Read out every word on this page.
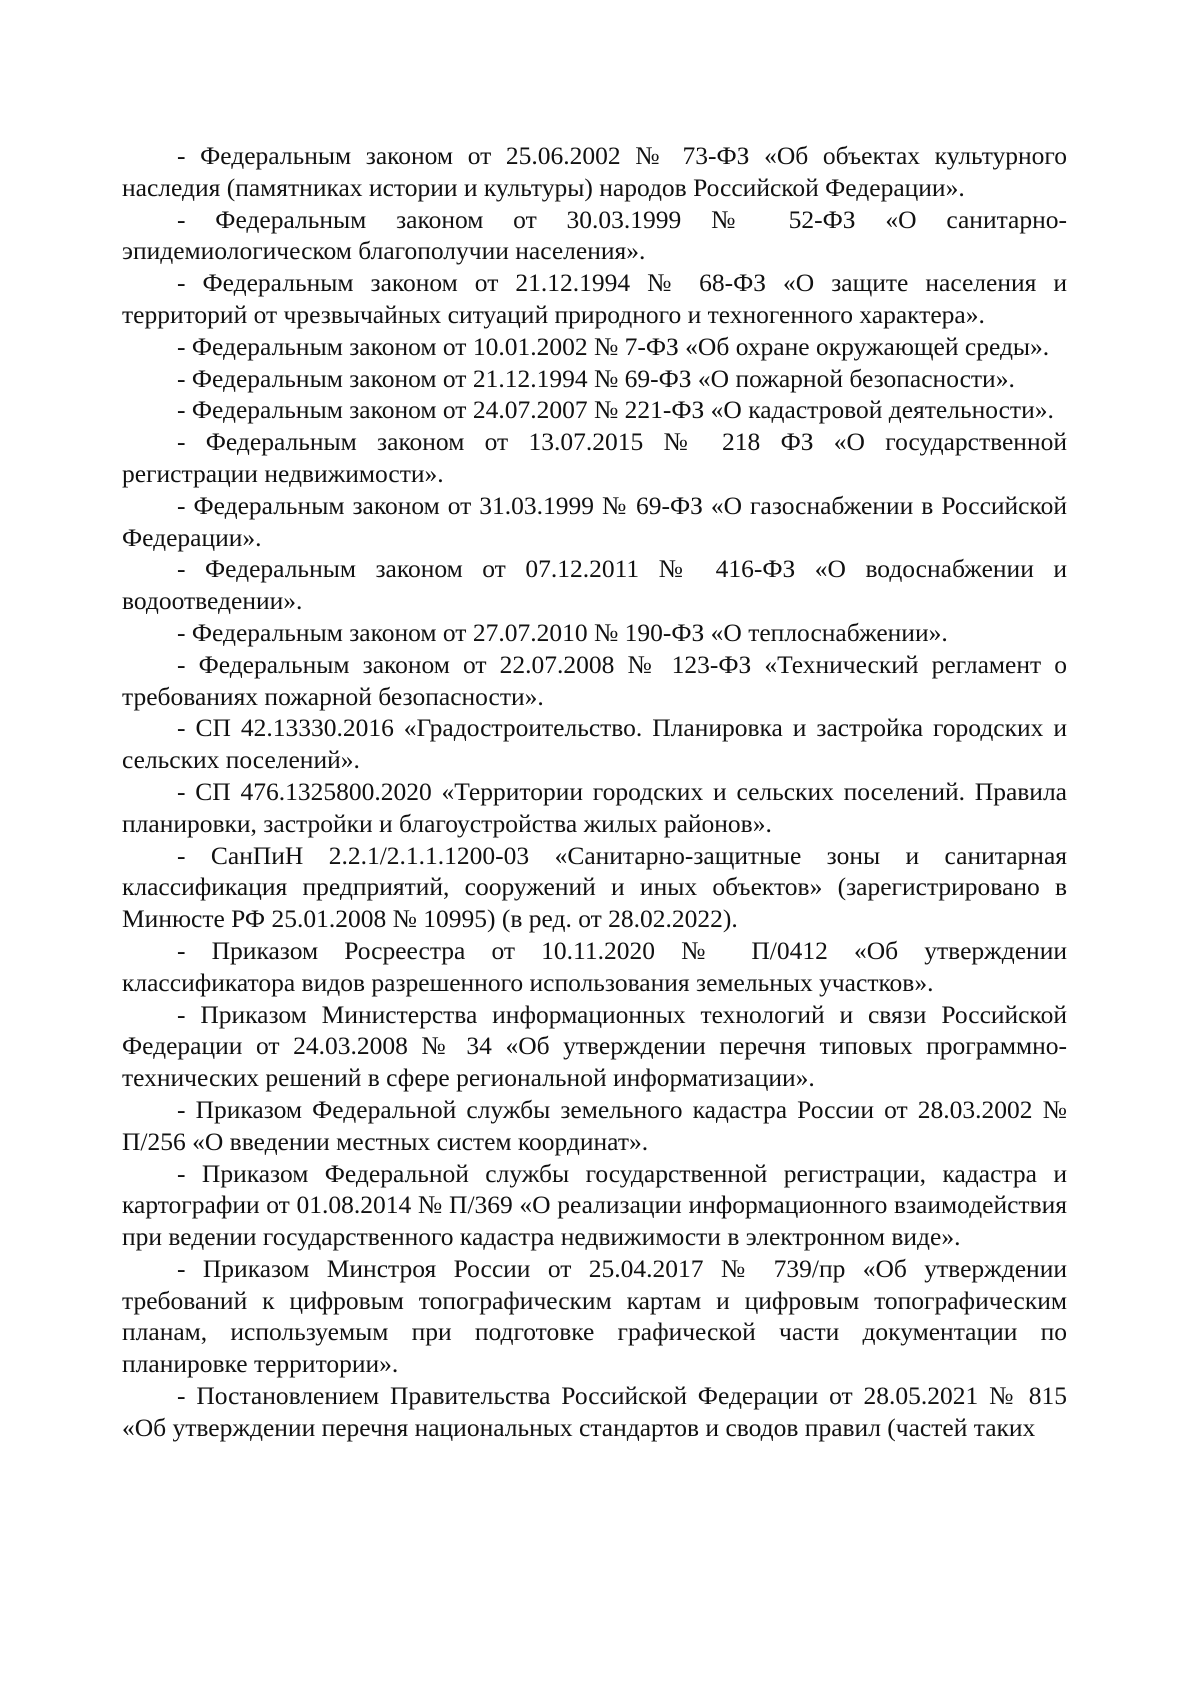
- Федеральным законом от 25.06.2002 № 73-ФЗ «Об объектах культурного наследия (памятниках истории и культуры) народов Российской Федерации».

- Федеральным законом от 30.03.1999 № 52-ФЗ «О санитарно-эпидемиологическом благополучии населения».

- Федеральным законом от 21.12.1994 № 68-ФЗ «О защите населения и территорий от чрезвычайных ситуаций природного и техногенного характера».

- Федеральным законом от 10.01.2002 № 7-ФЗ «Об охране окружающей среды».

- Федеральным законом от 21.12.1994 № 69-ФЗ «О пожарной безопасности».

- Федеральным законом от 24.07.2007 № 221-ФЗ «О кадастровой деятельности».

- Федеральным законом от 13.07.2015 № 218 ФЗ «О государственной регистрации недвижимости».

- Федеральным законом от 31.03.1999 № 69-ФЗ «О газоснабжении в Российской Федерации».

- Федеральным законом от 07.12.2011 № 416-ФЗ «О водоснабжении и водоотведении».

- Федеральным законом от 27.07.2010 № 190-ФЗ «О теплоснабжении».

- Федеральным законом от 22.07.2008 № 123-ФЗ «Технический регламент о требованиях пожарной безопасности».

- СП 42.13330.2016 «Градостроительство. Планировка и застройка городских и сельских поселений».

- СП 476.1325800.2020 «Территории городских и сельских поселений. Правила планировки, застройки и благоустройства жилых районов».

- СанПиН 2.2.1/2.1.1.1200-03 «Санитарно-защитные зоны и санитарная классификация предприятий, сооружений и иных объектов» (зарегистрировано в Минюсте РФ 25.01.2008 № 10995) (в ред. от 28.02.2022).

- Приказом Росреестра от 10.11.2020 № П/0412 «Об утверждении классификатора видов разрешенного использования земельных участков».

- Приказом Министерства информационных технологий и связи Российской Федерации от 24.03.2008 № 34 «Об утверждении перечня типовых программно-технических решений в сфере региональной информатизации».

- Приказом Федеральной службы земельного кадастра России от 28.03.2002 № П/256 «О введении местных систем координат».

- Приказом Федеральной службы государственной регистрации, кадастра и картографии от 01.08.2014 № П/369 «О реализации информационного взаимодействия при ведении государственного кадастра недвижимости в электронном виде».

- Приказом Минстроя России от 25.04.2017 № 739/пр «Об утверждении требований к цифровым топографическим картам и цифровым топографическим планам, используемым при подготовке графической части документации по планировке территории».

- Постановлением Правительства Российской Федерации от 28.05.2021 № 815 «Об утверждении перечня национальных стандартов и сводов правил (частей таких
